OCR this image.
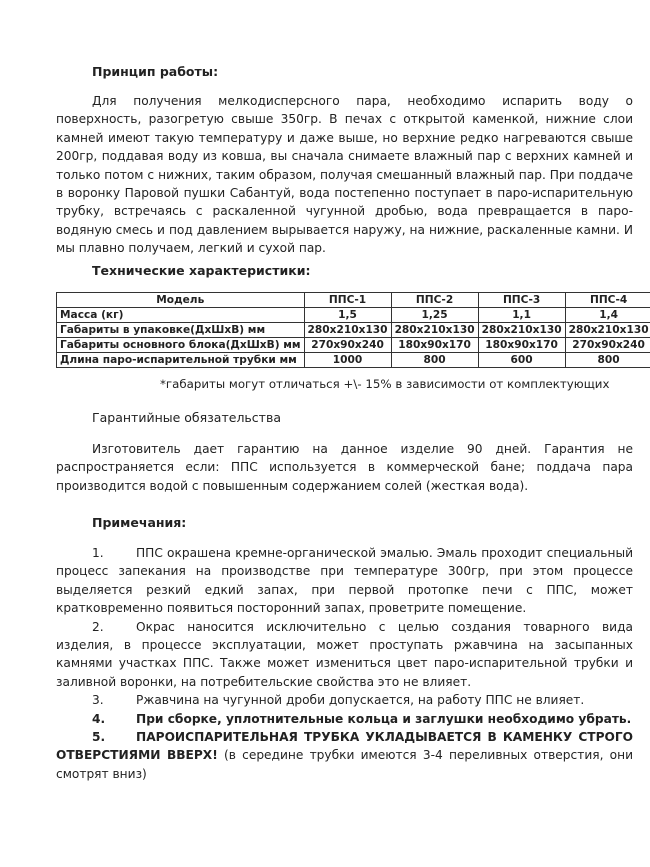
Принцип работы:

Для получения мелкодисперсного пара, необходимо испарить воду о поверхность, разогретую свыше 350гр. В печах с открытой каменкой, нижние слои камней имеют такую температуру и даже выше, но верхние редко нагреваются свыше 200гр, поддавая воду из ковша, вы сначала снимаете влажный пар с верхних камней и только потом с нижних, таким образом, получая смешанный влажный пар. При поддаче в воронку Паровой пушки Сабантуй, вода постепенно поступает в паро-испарительную трубку, встречаясь с раскаленной чугунной дробью, вода превращается в паро-водяную смесь и под давлением вырывается наружу, на нижние, раскаленные камни. И мы плавно получаем, легкий и сухой пар.

Технические характеристики:
Модель	ППС-1	ППС-2	ППС-3	ППС-4
Масса (кг)	1,5	1,25	1,1	1,4
Габариты в упаковке(ДхШхВ) мм	280х210х130	280х210х130	280х210х130	280х210х130
Габариты основного блока(ДхШхВ) мм	270х90х240	180х90х170	180х90х170	270х90х240
Длина паро-испарительной трубки мм	1000	800	600	800
*габариты могут отличаться +\- 15% в зависимости от комплектующих
Гарантийные обязательства

Изготовитель дает гарантию на данное изделие 90 дней. Гарантия не распространяется если: ППС используется в коммерческой бане; поддача пара производится водой с повышенным содержанием солей (жесткая вода).

Примечания:

1.	ППС окрашена кремне-органической эмалью. Эмаль проходит специальный процесс запекания на производстве при температуре 300гр, при этом процессе выделяется резкий едкий запах, при первой протопке печи с ППС, может кратковременно появиться посторонний запах, проветрите помещение.

2.	Окрас наносится исключительно с целью создания товарного вида изделия, в процессе эксплуатации, может проступать ржавчина на засыпанных камнями участках ППС. Также может измениться цвет паро-испарительной трубки и заливной воронки, на потребительские свойства это не влияет.

3.	Ржавчина на чугунной дроби допускается, на работу ППС не влияет.

4.	При сборке, уплотнительные кольца и заглушки необходимо убрать.

5.	ПАРОИСПАРИТЕЛЬНАЯ ТРУБКА УКЛАДЫВАЕТСЯ В КАМЕНКУ СТРОГО ОТВЕРСТИЯМИ ВВЕРХ! (в середине трубки имеются 3-4 переливных отверстия, они смотрят вниз)
